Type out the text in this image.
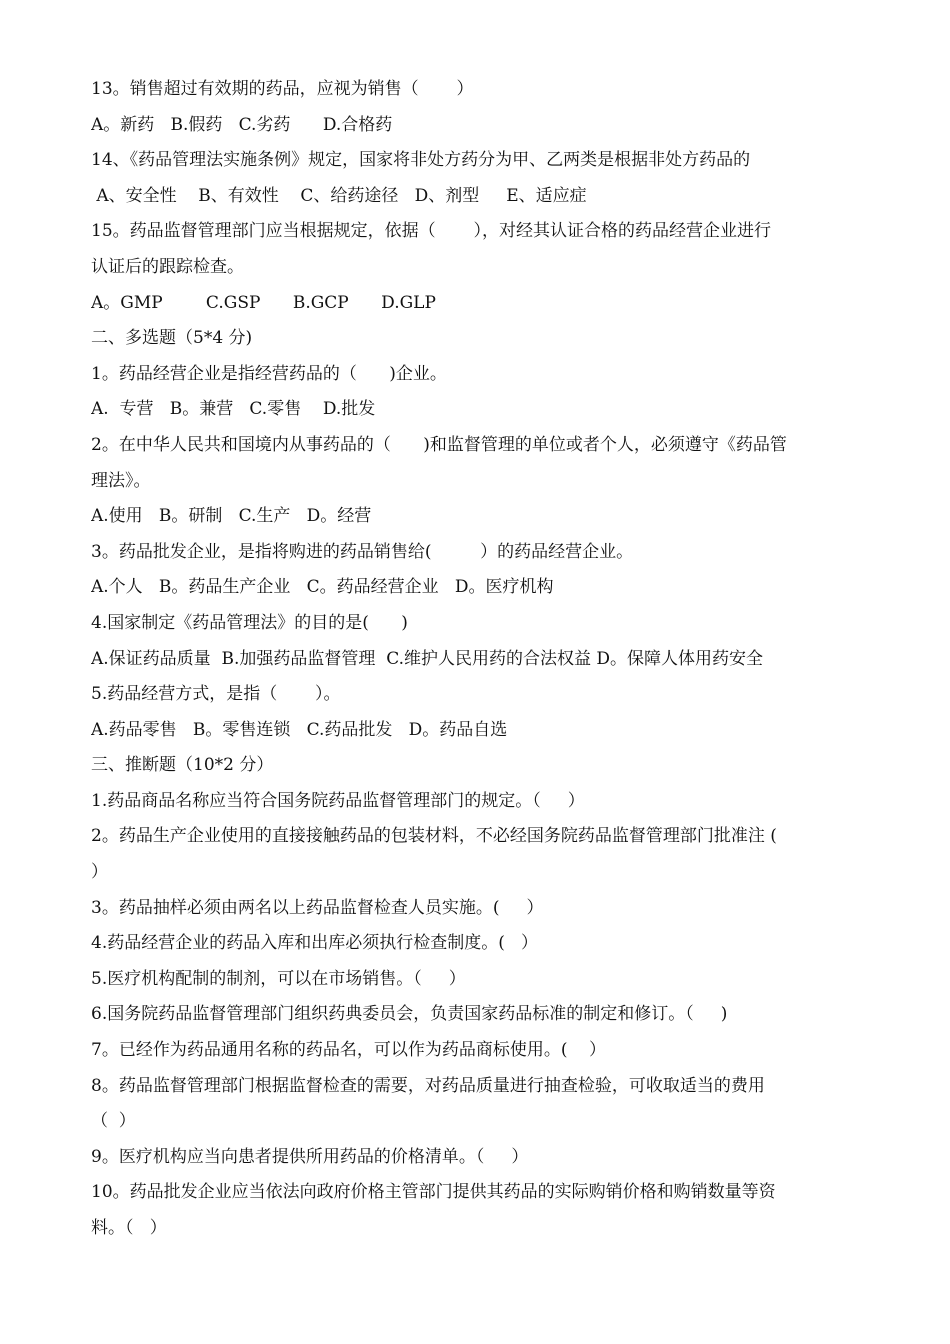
13。销售超过有效期的药品，应视为销售（       ）
A。新药   B.假药   C.劣药      D.合格药
14、《药品管理法实施条例》规定，国家将非处方药分为甲、乙两类是根据非处方药品的
A、安全性    B、有效性    C、给药途径   D、剂型     E、适应症
15。药品监督管理部门应当根据规定，依据（       ），对经其认证合格的药品经营企业进行
认证后的跟踪检查。
A。GMP        C.GSP      B.GCP      D.GLP
二、多选题（5*4 分)
1。药品经营企业是指经营药品的（      )企业。
A.  专营   B。兼营   C.零售    D.批发
2。在中华人民共和国境内从事药品的（      )和监督管理的单位或者个人，必须遵守《药品管
理法》。
A.使用   B。研制   C.生产   D。经营
3。药品批发企业，是指将购进的药品销售给(         ）的药品经营企业。
A.个人   B。药品生产企业   C。药品经营企业   D。医疗机构
4.国家制定《药品管理法》的目的是(      )
A.保证药品质量  B.加强药品监督管理  C.维护人民用药的合法权益 D。保障人体用药安全
5.药品经营方式，是指（       ）。
A.药品零售   B。零售连锁   C.药品批发   D。药品自选
三、推断题（10*2 分）
1.药品商品名称应当符合国务院药品监督管理部门的规定。（     ）
2。药品生产企业使用的直接接触药品的包装材料，不必经国务院药品监督管理部门批准注 (
）
3。药品抽样必须由两名以上药品监督检查人员实施。(     ）
4.药品经营企业的药品入库和出库必须执行检查制度。(   ）
5.医疗机构配制的制剂，可以在市场销售。（     ）
6.国务院药品监督管理部门组织药典委员会，负责国家药品标准的制定和修订。（     )
7。已经作为药品通用名称的药品名，可以作为药品商标使用。(    ）
8。药品监督管理部门根据监督检查的需要，对药品质量进行抽查检验，可收取适当的费用
（  ）
9。医疗机构应当向患者提供所用药品的价格清单。（     ）
10。药品批发企业应当依法向政府价格主管部门提供其药品的实际购销价格和购销数量等资
料。（   ）
